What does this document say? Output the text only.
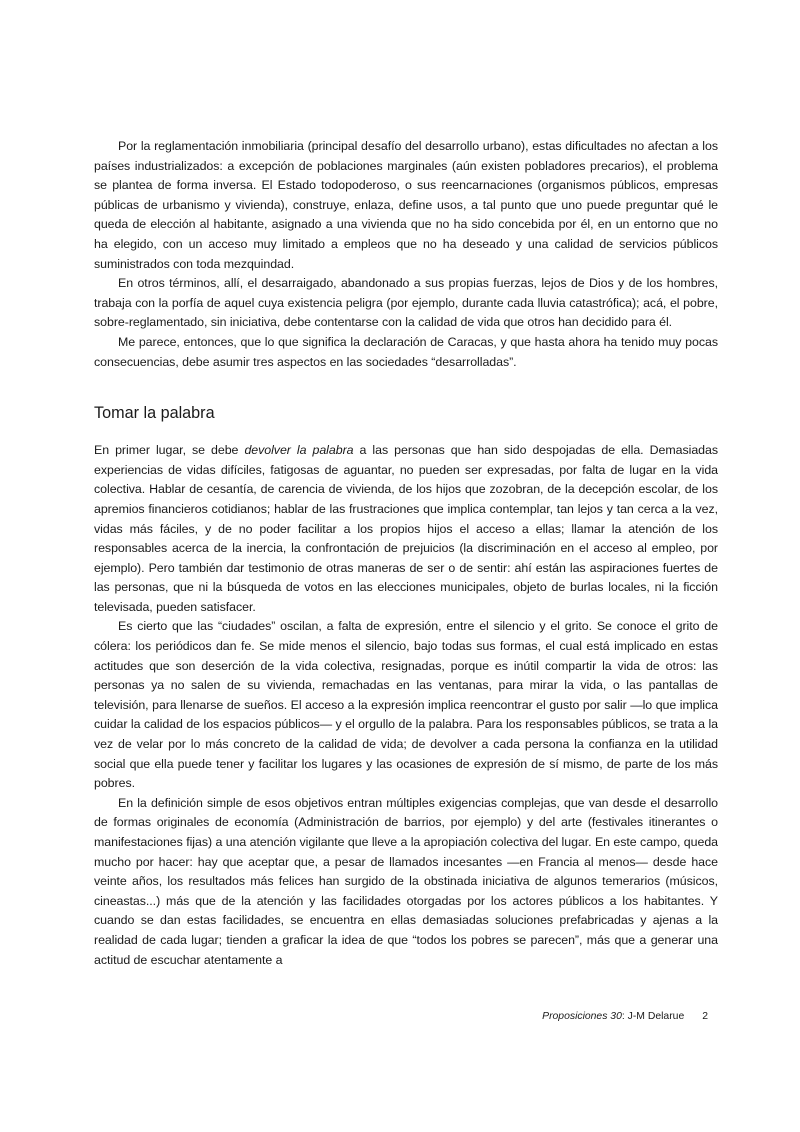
Por la reglamentación inmobiliaria (principal desafío del desarrollo urbano), estas dificultades no afectan a los países industrializados: a excepción de poblaciones marginales (aún existen pobladores precarios), el problema se plantea de forma inversa. El Estado todopoderoso, o sus reencarnaciones (organismos públicos, empresas públicas de urbanismo y vivienda), construye, enlaza, define usos, a tal punto que uno puede preguntar qué le queda de elección al habitante, asignado a una vivienda que no ha sido concebida por él, en un entorno que no ha elegido, con un acceso muy limitado a empleos que no ha deseado y una calidad de servicios públicos suministrados con toda mezquindad.

En otros términos, allí, el desarraigado, abandonado a sus propias fuerzas, lejos de Dios y de los hombres, trabaja con la porfía de aquel cuya existencia peligra (por ejemplo, durante cada lluvia catastrófica); acá, el pobre, sobre-reglamentado, sin iniciativa, debe contentarse con la calidad de vida que otros han decidido para él.

Me parece, entonces, que lo que significa la declaración de Caracas, y que hasta ahora ha tenido muy pocas consecuencias, debe asumir tres aspectos en las sociedades “desarrolladas”.

Tomar la palabra

En primer lugar, se debe devolver la palabra a las personas que han sido despojadas de ella. Demasiadas experiencias de vidas difíciles, fatigosas de aguantar, no pueden ser expresadas, por falta de lugar en la vida colectiva. Hablar de cesantía, de carencia de vivienda, de los hijos que zozobran, de la decepción escolar, de los apremios financieros cotidianos; hablar de las frustraciones que implica contemplar, tan lejos y tan cerca a la vez, vidas más fáciles, y de no poder facilitar a los propios hijos el acceso a ellas; llamar la atención de los responsables acerca de la inercia, la confrontación de prejuicios (la discriminación en el acceso al empleo, por ejemplo). Pero también dar testimonio de otras maneras de ser o de sentir: ahí están las aspiraciones fuertes de las personas, que ni la búsqueda de votos en las elecciones municipales, objeto de burlas locales, ni la ficción televisada, pueden satisfacer.

Es cierto que las “ciudades” oscilan, a falta de expresión, entre el silencio y el grito. Se conoce el grito de cólera: los periódicos dan fe. Se mide menos el silencio, bajo todas sus formas, el cual está implicado en estas actitudes que son deserción de la vida colectiva, resignadas, porque es inútil compartir la vida de otros: las personas ya no salen de su vivienda, remachadas en las ventanas, para mirar la vida, o las pantallas de televisión, para llenarse de sueños. El acceso a la expresión implica reencontrar el gusto por salir —lo que implica cuidar la calidad de los espacios públicos— y el orgullo de la palabra. Para los responsables públicos, se trata a la vez de velar por lo más concreto de la calidad de vida; de devolver a cada persona la confianza en la utilidad social que ella puede tener y facilitar los lugares y las ocasiones de expresión de sí mismo, de parte de los más pobres.

En la definición simple de esos objetivos entran múltiples exigencias complejas, que van desde el desarrollo de formas originales de economía (Administración de barrios, por ejemplo) y del arte (festivales itinerantes o manifestaciones fijas) a una atención vigilante que lleve a la apropiación colectiva del lugar. En este campo, queda mucho por hacer: hay que aceptar que, a pesar de llamados incesantes —en Francia al menos— desde hace veinte años, los resultados más felices han surgido de la obstinada iniciativa de algunos temerarios (músicos, cineastas...) más que de la atención y las facilidades otorgadas por los actores públicos a los habitantes. Y cuando se dan estas facilidades, se encuentra en ellas demasiadas soluciones prefabricadas y ajenas a la realidad de cada lugar; tienden a graficar la idea de que “todos los pobres se parecen”, más que a generar una actitud de escuchar atentamente a

Proposiciones 30: J-M Delarue 2
